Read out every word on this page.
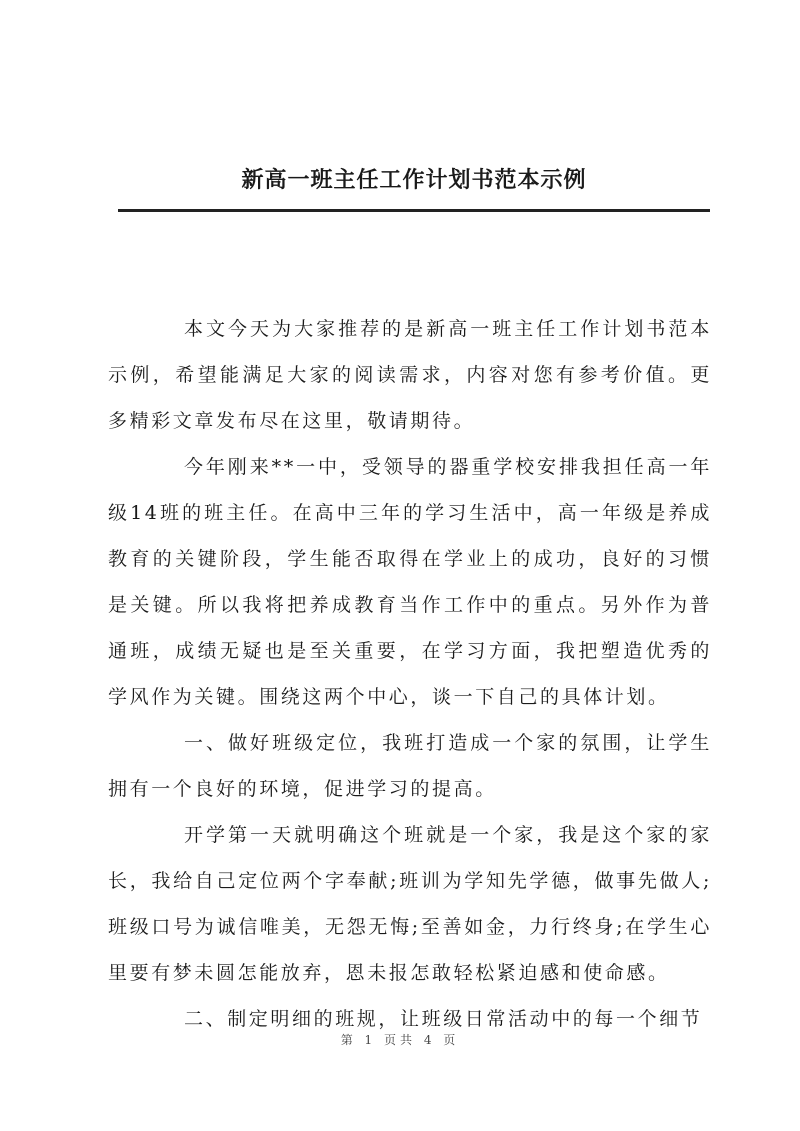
新高一班主任工作计划书范本示例

本文今天为大家推荐的是新高一班主任工作计划书范本示例，希望能满足大家的阅读需求，内容对您有参考价值。更多精彩文章发布尽在这里，敬请期待。

今年刚来**一中，受领导的器重学校安排我担任高一年级14班的班主任。在高中三年的学习生活中，高一年级是养成教育的关键阶段，学生能否取得在学业上的成功，良好的习惯是关键。所以我将把养成教育当作工作中的重点。另外作为普通班，成绩无疑也是至关重要，在学习方面，我把塑造优秀的学风作为关键。围绕这两个中心，谈一下自己的具体计划。

一、做好班级定位，我班打造成一个家的氛围，让学生拥有一个良好的环境，促进学习的提高。

开学第一天就明确这个班就是一个家，我是这个家的家长，我给自己定位两个字奉献;班训为学知先学德，做事先做人;班级口号为诚信唯美，无怨无悔;至善如金，力行终身;在学生心里要有梦未圆怎能放弃，恩未报怎敢轻松紧迫感和使命感。

二、制定明细的班规，让班级日常活动中的每一个细节

第 1 页共 4 页
